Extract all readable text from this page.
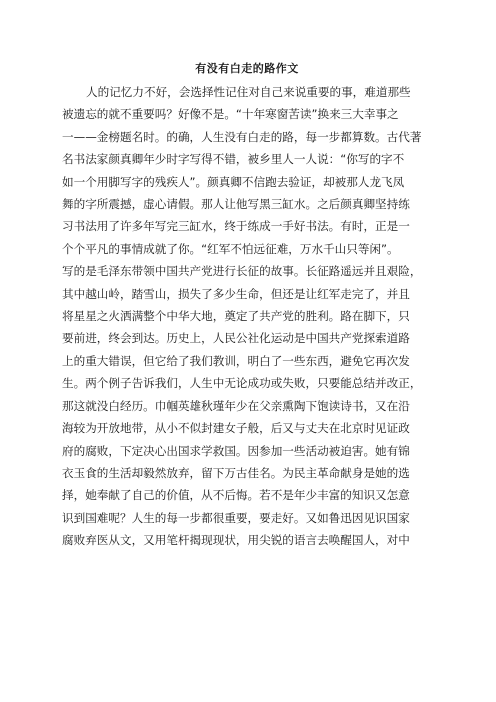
有没有白走的路作文
人的记忆力不好，会选择性记住对自己来说重要的事，难道那些
被遗忘的就不重要吗？好像不是。“十年寒窗苦读”换来三大幸事之
一——金榜题名时。的确，人生没有白走的路，每一步都算数。古代著
名书法家颜真卿年少时字写得不错，被乡里人一人说：“你写的字不
如一个用脚写字的残疾人”。颜真卿不信跑去验证，却被那人龙飞凤
舞的字所震撼，虚心请假。那人让他写黑三缸水。之后颜真卿坚持练
习书法用了许多年写完三缸水，终于练成一手好书法。有时，正是一
个个平凡的事情成就了你。“红军不怕远征难，万水千山只等闲”。
写的是毛泽东带领中国共产党进行长征的故事。长征路遥远并且艰险，
其中越山岭，踏雪山，损失了多少生命，但还是让红军走完了，并且
将星星之火洒满整个中华大地，奠定了共产党的胜利。路在脚下，只
要前进，终会到达。历史上，人民公社化运动是中国共产党探索道路
上的重大错误，但它给了我们教训，明白了一些东西，避免它再次发
生。两个例子告诉我们，人生中无论成功或失败，只要能总结并改正，
那这就没白经历。巾帼英雄秋瑾年少在父亲熏陶下饱读诗书，又在沿
海较为开放地带，从小不似封建女子般，后又与丈夫在北京时见证政
府的腐败，下定决心出国求学救国。因参加一些活动被迫害。她有锦
衣玉食的生活却毅然放弃，留下万古佳名。为民主革命献身是她的选
择，她奉献了自己的价值，从不后悔。若不是年少丰富的知识又怎意
识到国难呢？人生的每一步都很重要，要走好。又如鲁迅因见识国家
腐败弃医从文，又用笔杆揭现现状，用尖锐的语言去唤醒国人，对中
